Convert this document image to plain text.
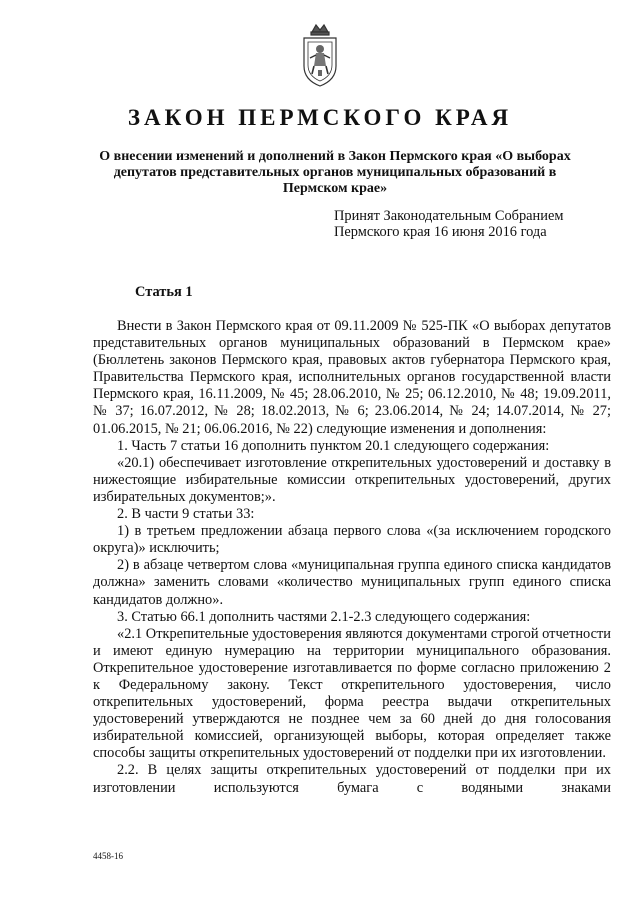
ЗАКОН ПЕРМСКОГО КРАЯ
О внесении изменений и дополнений в Закон Пермского края «О выборах депутатов представительных органов муниципальных образований в Пермском крае»
Принят Законодательным Собранием
Пермского края 16 июня 2016 года
Статья 1

Внести в Закон Пермского края от 09.11.2009 № 525-ПК «О выборах депутатов представительных органов муниципальных образований в Пермском крае» (Бюллетень законов Пермского края, правовых актов губернатора Пермского края, Правительства Пермского края, исполнительных органов государственной власти Пермского края, 16.11.2009, № 45; 28.06.2010, № 25; 06.12.2010, № 48; 19.09.2011, № 37; 16.07.2012, № 28; 18.02.2013, № 6; 23.06.2014, № 24; 14.07.2014, № 27; 01.06.2015, № 21; 06.06.2016, № 22) следующие изменения и дополнения:

1. Часть 7 статьи 16 дополнить пунктом 20.1 следующего содержания:

«20.1) обеспечивает изготовление открепительных удостоверений и доставку в нижестоящие избирательные комиссии открепительных удостоверений, других избирательных документов;».

2. В части 9 статьи 33:

1) в третьем предложении абзаца первого слова «(за исключением городского округа)» исключить;

2) в абзаце четвертом слова «муниципальная группа единого списка кандидатов должна» заменить словами «количество муниципальных групп единого списка кандидатов должно».

3. Статью 66.1 дополнить частями 2.1-2.3 следующего содержания:

«2.1 Открепительные удостоверения являются документами строгой отчетности и имеют единую нумерацию на территории муниципального образования. Открепительное удостоверение изготавливается по форме согласно приложению 2 к Федеральному закону. Текст открепительного удостоверения, число открепительных удостоверений, форма реестра выдачи открепительных удостоверений утверждаются не позднее чем за 60 дней до дня голосования избирательной комиссией, организующей выборы, которая определяет также способы защиты открепительных удостоверений от подделки при их изготовлении.

2.2. В целях защиты открепительных удостоверений от подделки при их изготовлении используются бумага с водяными знаками

4458-16
